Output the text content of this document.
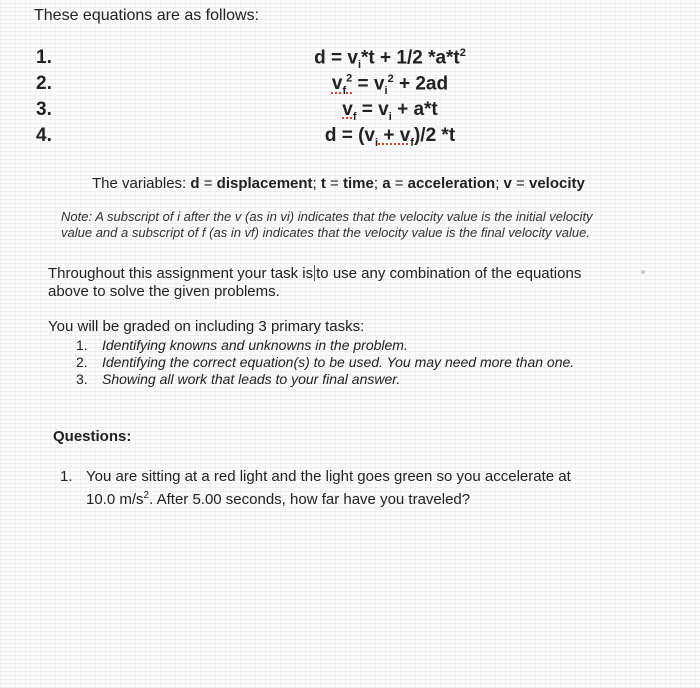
These equations are as follows:
1.
2.
3.
4.
$d = v_i*t + 1/2$ $*a*t^2$
$v_f^2 = v_i^2 + 2ad$
$v_f = v_i + a*t$
$d = (v_i + v_f)/2$ *t
The variables: d = displacement; t = time; a = acceleration; v = velocity
Note: A subscript of i after the v (as in vi) indicates that the velocity value is the initial velocity
value and a subscript of f (as in vf) indicates that the velocity value is the final velocity value.
Throughout this assignment your task is to use any combination of the equations
above to solve the given problems.
You will be graded on including 3 primary tasks:
1. Identifying knowns and unknowns in the problem.
2. Identifying the correct equation(s) to be used. You may need more than one.
3. Showing all work that leads to your final answer.
Questions:
1. You are sitting at a red light and the light goes green so you accelerate at
10.0 $m/s^2$. After 5.00 seconds, how far have you traveled?
